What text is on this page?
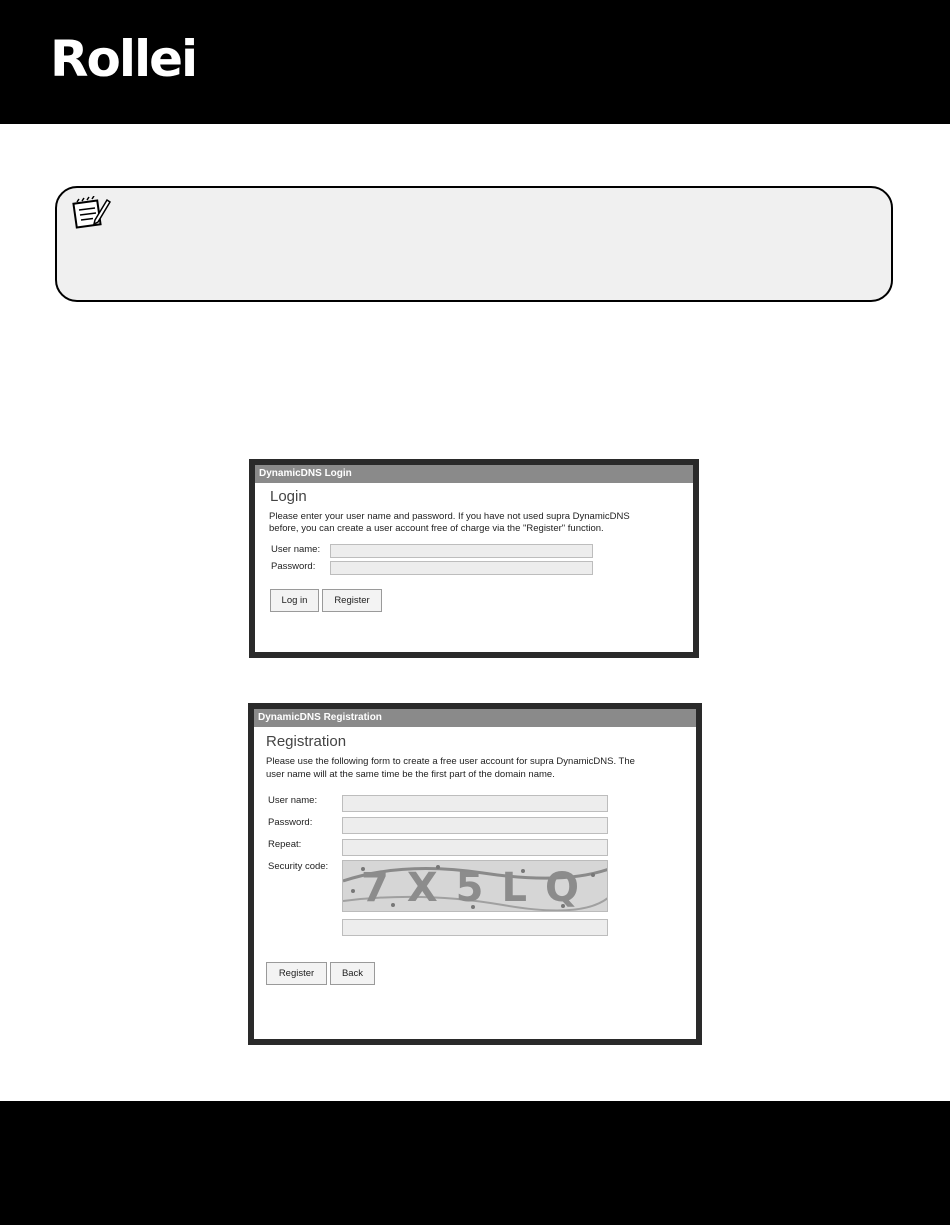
Rollei
DynamicDNS Login
Login
Please enter your user name and password. If you have not used supra DynamicDNS
before, you can create a user account free of charge via the "Register" function.
User name:
Password:
Log in	Register
DynamicDNS Registration
Registration
Please use the following form to create a free user account for supra DynamicDNS. The
user name will at the same time be the first part of the domain name.
User name:
Password:
Repeat:
Security code: 7X5LQ
Register	Back
